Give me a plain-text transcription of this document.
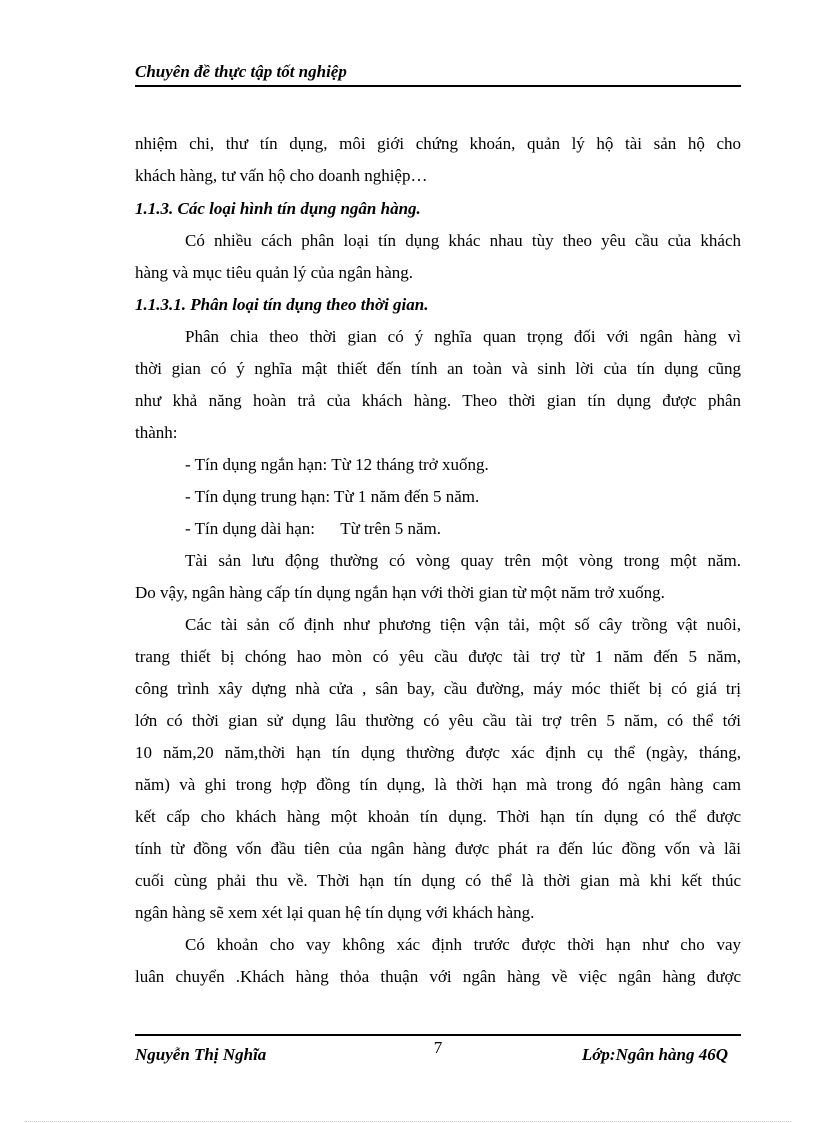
Chuyên đề thực tập tốt nghiệp
nhiệm chi, thư tín dụng, môi giới chứng khoán, quản lý hộ tài sản hộ cho
khách hàng, tư vấn hộ cho doanh nghiệp…
1.1.3. Các loại hình tín dụng ngân hàng.
Có nhiều cách phân loại tín dụng khác nhau tùy theo yêu cầu của khách
hàng và mục tiêu quản lý của ngân hàng.
1.1.3.1. Phân loại tín dụng theo thời gian.
Phân chia theo thời gian có ý nghĩa quan trọng đối với ngân hàng vì
thời gian có ý nghĩa mật thiết đến tính an toàn và sinh lời của tín dụng cũng
như khả năng hoàn trả của khách hàng. Theo thời gian tín dụng được phân
thành:
- Tín dụng ngắn hạn: Từ 12 tháng trở xuống.
- Tín dụng trung hạn: Từ 1 năm đến 5 năm.
- Tín dụng dài hạn:      Từ trên 5 năm.
Tài sản lưu động thường có vòng quay trên một vòng trong một năm.
Do vậy, ngân hàng cấp tín dụng ngắn hạn với thời gian từ một năm trở xuống.
Các tài sản cố định như phương tiện vận tải, một số cây trồng vật nuôi,
trang thiết bị chóng hao mòn có yêu cầu được tài trợ từ 1 năm đến 5 năm,
công trình xây dựng nhà cửa , sân bay, cầu đường, máy móc thiết bị có giá trị
lớn có thời gian sử dụng lâu thường có yêu cầu tài trợ trên 5 năm, có thể tới
10 năm,20 năm,thời hạn tín dụng thường được xác định cụ thể (ngày, tháng,
năm) và ghi trong hợp đồng tín dụng, là thời hạn mà trong đó ngân hàng cam
kết cấp cho khách hàng một khoản tín dụng. Thời hạn tín dụng có thể được
tính từ đồng vốn đầu tiên của ngân hàng được phát ra đến lúc đồng vốn và lãi
cuối cùng phải thu về. Thời hạn tín dụng có thể là thời gian mà khi kết thúc
ngân hàng sẽ xem xét lại quan hệ tín dụng với khách hàng.
Có khoản cho vay không xác định trước được thời hạn như cho vay
luân chuyển .Khách hàng thỏa thuận với ngân hàng về việc ngân hàng được
Nguyễn Thị Nghĩa	7	Lớp:Ngân hàng 46Q
